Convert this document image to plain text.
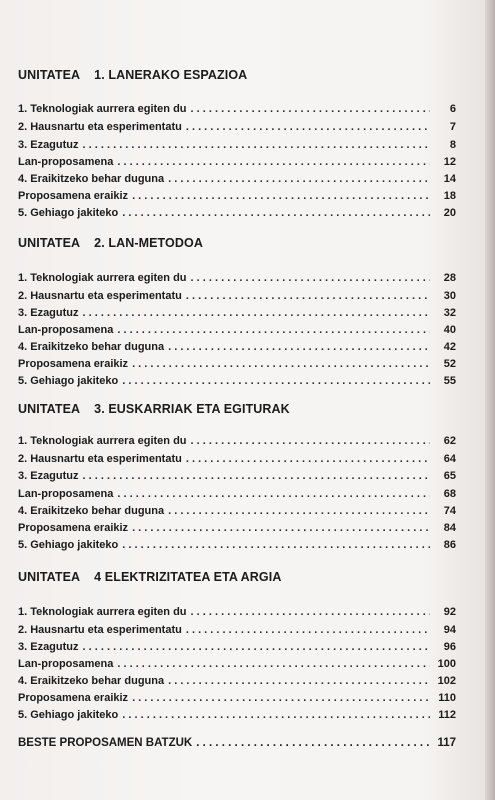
UNITATEA 1. LANERAKO ESPAZIOA
1. Teknologiak aurrera egiten du . . .	6
2. Hausnartu eta esperimentatu . . .	7
3. Ezagutuz . . .	8
Lan-proposamena . . .	12
4. Eraikitzeko behar duguna . . .	14
Proposamena eraikiz . . .	18
5. Gehiago jakiteko . . .	20
UNITATEA 2. LAN-METODOA
1. Teknologiak aurrera egiten du . . .	28
2. Hausnartu eta esperimentatu . . .	30
3. Ezagutuz . . .	32
Lan-proposamena . . .	40
4. Eraikitzeko behar duguna . . .	42
Proposamena eraikiz . . .	52
5. Gehiago jakiteko . . .	55
UNITATEA 3. EUSKARRIAK ETA EGITURAK
1. Teknologiak aurrera egiten du . . .	62
2. Hausnartu eta esperimentatu . . .	64
3. Ezagutuz . . .	65
Lan-proposamena . . .	68
4. Eraikitzeko behar duguna . . .	74
Proposamena eraikiz . . .	84
5. Gehiago jakiteko . . .	86
UNITATEA 4 ELEKTRIZITATEA ETA ARGIA
1. Teknologiak aurrera egiten du . . .	92
2. Hausnartu eta esperimentatu . . .	94
3. Ezagutuz . . .	96
Lan-proposamena . . .	100
4. Eraikitzeko behar duguna . . .	102
Proposamena eraikiz . . .	110
5. Gehiago jakiteko . . .	112
BESTE PROPOSAMEN BATZUK . . .	117
